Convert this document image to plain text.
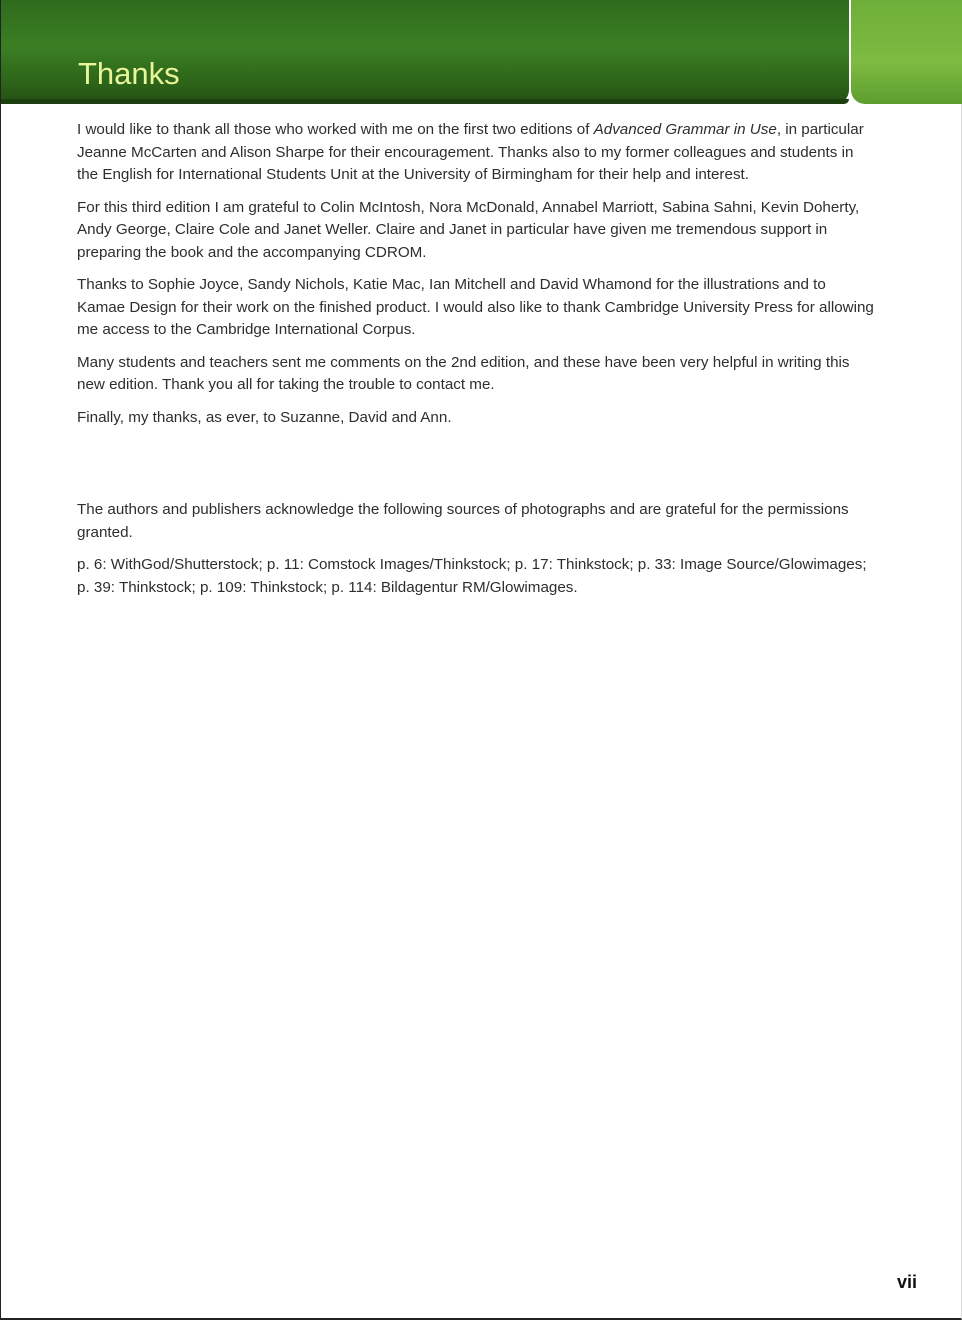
Thanks

I would like to thank all those who worked with me on the first two editions of Advanced Grammar in Use, in particular Jeanne McCarten and Alison Sharpe for their encouragement. Thanks also to my former colleagues and students in the English for International Students Unit at the University of Birmingham for their help and interest.

For this third edition I am grateful to Colin McIntosh, Nora McDonald, Annabel Marriott, Sabina Sahni, Kevin Doherty, Andy George, Claire Cole and Janet Weller. Claire and Janet in particular have given me tremendous support in preparing the book and the accompanying CDROM.

Thanks to Sophie Joyce, Sandy Nichols, Katie Mac, Ian Mitchell and David Whamond for the illustrations and to Kamae Design for their work on the finished product. I would also like to thank Cambridge University Press for allowing me access to the Cambridge International Corpus.

Many students and teachers sent me comments on the 2nd edition, and these have been very helpful in writing this new edition. Thank you all for taking the trouble to contact me.

Finally, my thanks, as ever, to Suzanne, David and Ann.

The authors and publishers acknowledge the following sources of photographs and are grateful for the permissions granted.

p. 6: WithGod/Shutterstock; p. 11: Comstock Images/Thinkstock; p. 17: Thinkstock; p. 33: Image Source/Glowimages; p. 39: Thinkstock; p. 109: Thinkstock; p. 114: Bildagentur RM/Glowimages.

vii
